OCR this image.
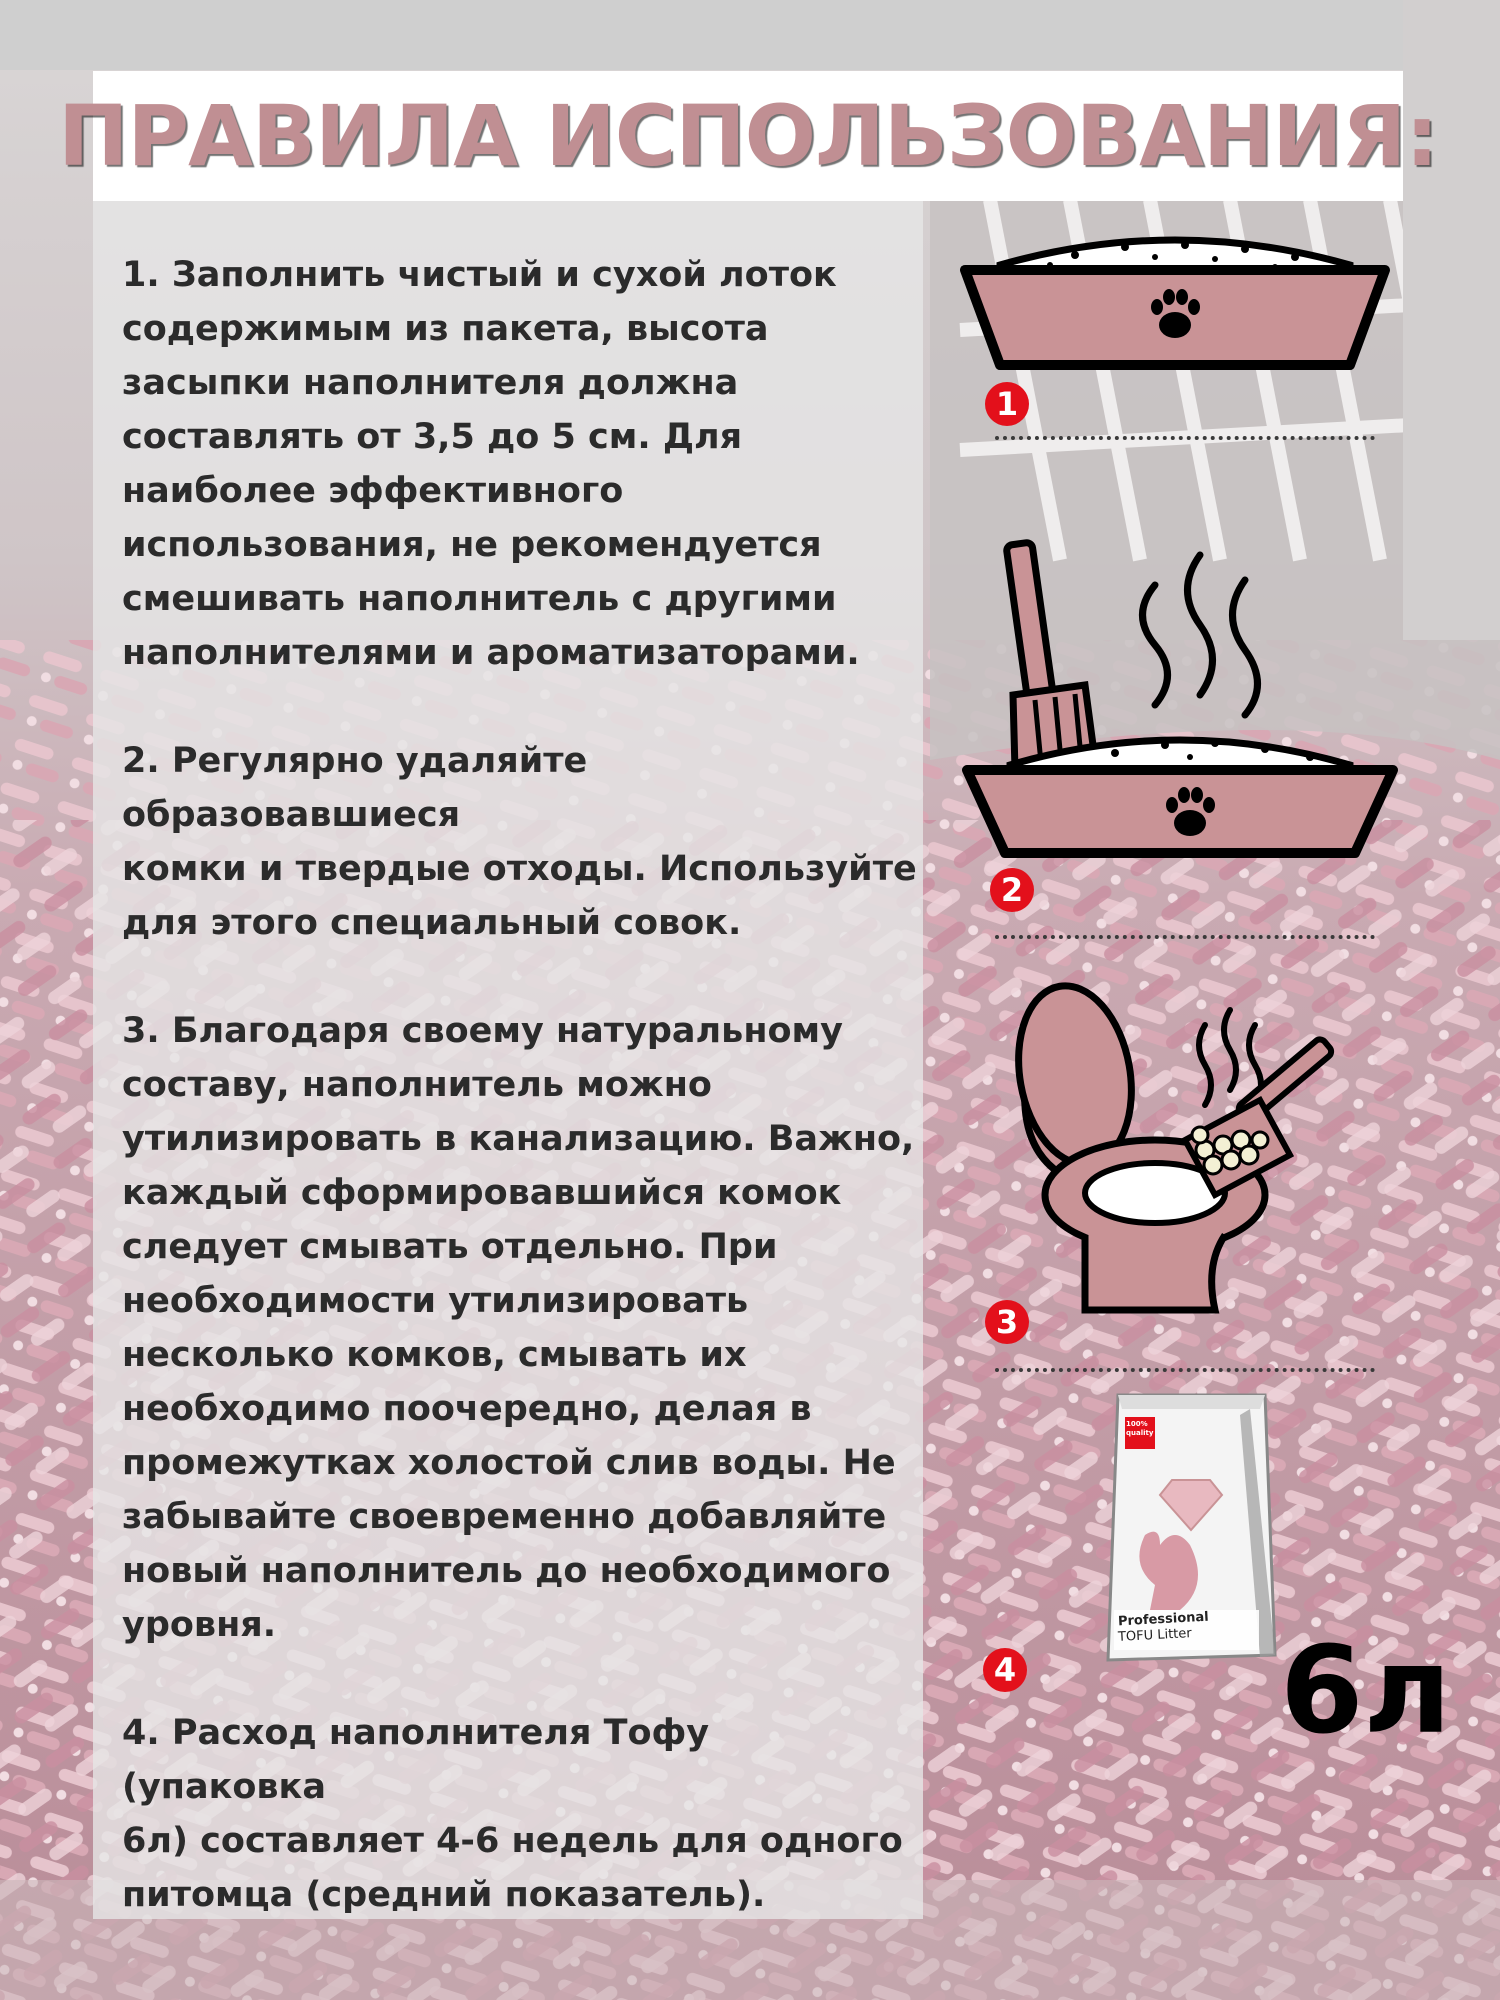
ПРАВИЛА ИСПОЛЬЗОВАНИЯ:

1. Заполнить чистый и сухой лоток
содержимым из пакета, высота
засыпки наполнителя должна
составлять от 3,5 до 5 см. Для
наиболее эффективного
использования, не рекомендуется
смешивать наполнитель с другими
наполнителями и ароматизаторами.

2. Регулярно удаляйте образовавшиеся
комки и твердые отходы. Используйте
для этого специальный совок.

3. Благодаря своему натуральному
составу, наполнитель можно
утилизировать в канализацию. Важно,
каждый сформировавшийся комок
следует смывать отдельно. При
необходимости утилизировать
несколько комков, смывать их
необходимо поочередно, делая в
промежутках холостой слив воды. Не
забывайте своевременно добавляйте
новый наполнитель до необходимого
уровня.

4. Расход наполнителя Тофу (упаковка
6л) составляет 4-6 недель для одного
питомца (средний показатель).

1
2
3
100% quality
Professional
TOFU Litter
4 6л
